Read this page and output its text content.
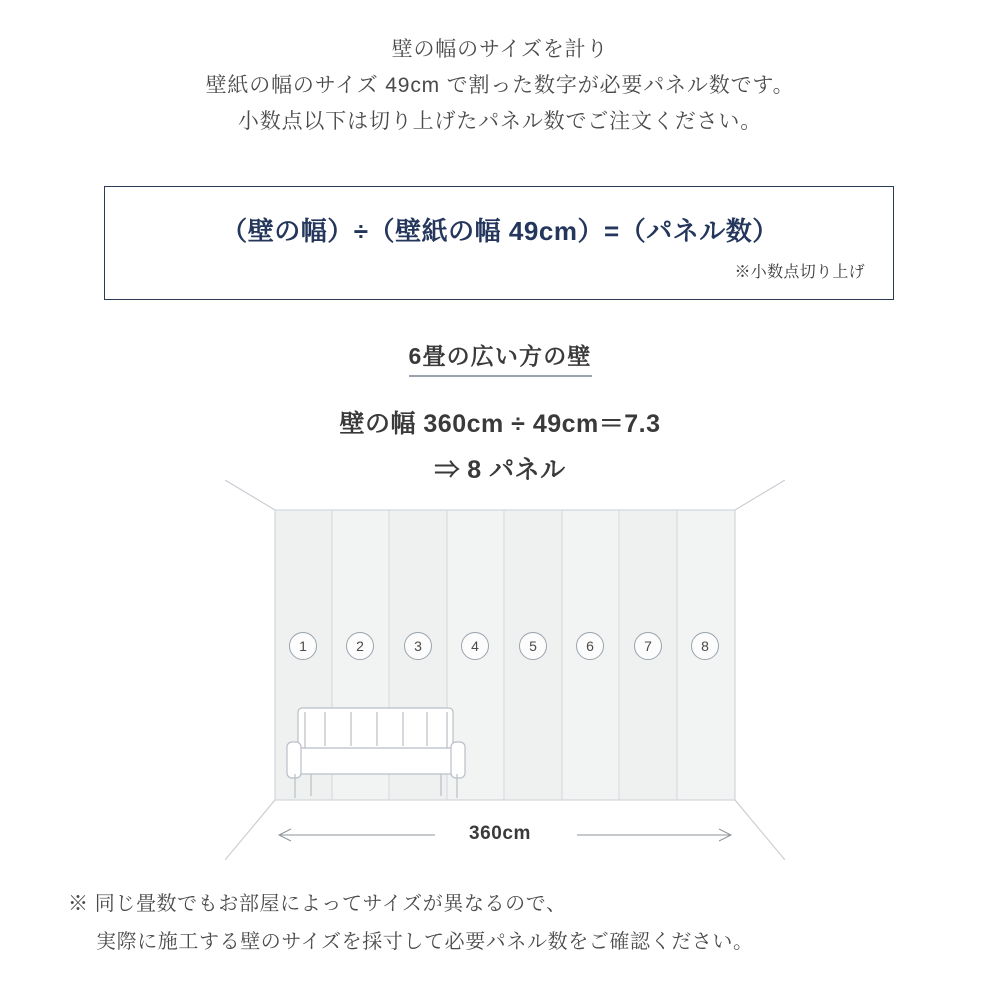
壁の幅のサイズを計り
壁紙の幅のサイズ 49cm で割った数字が必要パネル数です。
小数点以下は切り上げたパネル数でご注文ください。
（壁の幅）÷（壁紙の幅 49cm）=（パネル数）
※小数点切り上げ
6畳の広い方の壁
壁の幅 360cm ÷ 49cm＝7.3
⇒ 8 パネル
1	2	3	4	5	6	7	8
360cm
※ 同じ畳数でもお部屋によってサイズが異なるので、
実際に施工する壁のサイズを採寸して必要パネル数をご確認ください。
